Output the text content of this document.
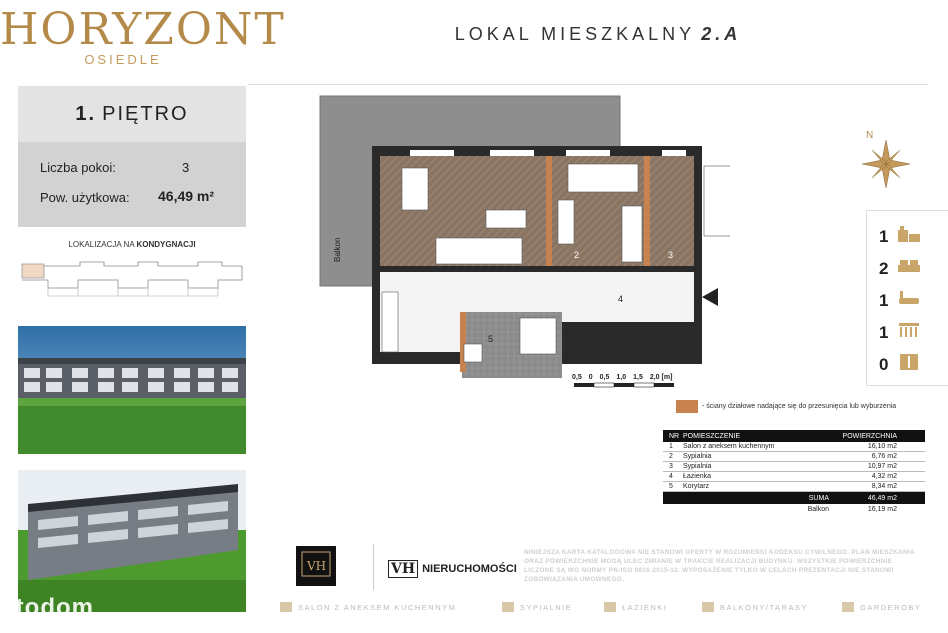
HORYZONT
OSIEDLE
1. PIĘTRO
Liczba pokoi:	3
Pow. użytkowa: 46,49 m²
LOKALIZACJA NA KONDYGNACJI
otodom
LOKAL MIESZKALNY 2.A
1	2	3
4
5
Balkon
N
1
2
1
1
0
0,5 0 0,5 1,0 1,5 2,0 [m]
- ściany działowe nadające się do przesunięcia lub wyburzenia
NR POMIESZCZENIE	POWIERZCHNIA
1	Salon z aneksem kuchennym	16,10 m2
2	Sypialnia	6,76 m2
3	Sypialnia	10,97 m2
4	Łazienka	4,32 m2
5	Korytarz	8,34 m2
SUMA	46,49 m2
Balkon	16,19 m2
VH	VH NIERUCHOMOŚCI
NINIEJSZA KARTA KATALOGOWA NIE STANOWI OFERTY W ROZUMIENIU KODEKSU CYWILNEGO. PLAN MIESZKANIA ORAZ POWIERZCHNIE MOGĄ ULEC ZMIANIE W TRAKCIE REALIZACJI BUDYNKU. WSZYSTKIE POWIERZCHNIE LICZONE SĄ WG NORMY PN-ISO 9836:2015-12. WYPOSAŻENIE TYLKO W CELACH PREZENTACJI NIE STANOWI ZOBOWIĄZANIA UMOWNEGO.
SALON Z ANEKSEM KUCHENNYM	SYPIALNIE	ŁAZIENKI	BALKONY/TARASY	GARDEROBY
